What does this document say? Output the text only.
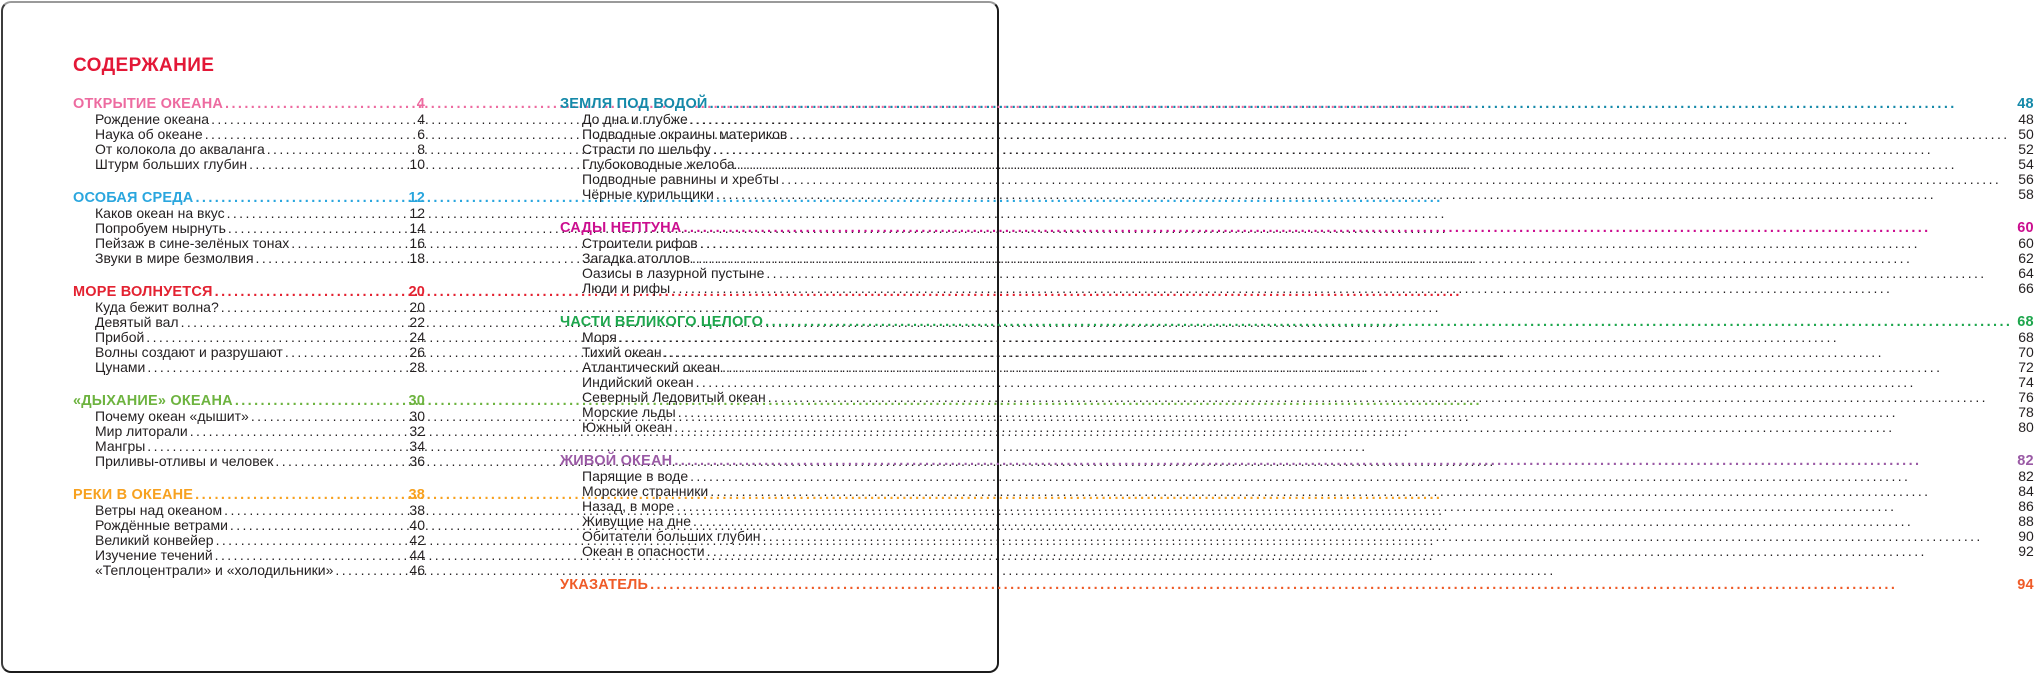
СОДЕРЖАНИЕ
ОТКРЫТИЕ ОКЕАНА .....	4
Рождение океана .....	4
Наука об океане .....	6
От колокола до акваланга .....	8
Штурм больших глубин .....	10
ОСОБАЯ СРЕДА .....	12
Каков океан на вкус .....	12
Попробуем нырнуть .....	14
Пейзаж в сине-зелёных тонах .....	16
Звуки в мире безмолвия .....	18
МОРЕ ВОЛНУЕТСЯ .....	20
Куда бежит волна? .....	20
Девятый вал .....	22
Прибой .....	24
Волны создают и разрушают .....	26
Цунами .....	28
«ДЫХАНИЕ» ОКЕАНА .....	30
Почему океан «дышит» .....	30
Мир литорали .....	32
Мангры .....	34
Приливы-отливы и человек .....	36
РЕКИ В ОКЕАНЕ .....	38
Ветры над океаном .....	38
Рождённые ветрами .....	40
Великий конвейер .....	42
Изучение течений .....	44
«Теплоцентрали» и «холодильники» .....	46
ЗЕМЛЯ ПОД ВОДОЙ .....	48
До дна и глубже .....	48
Подводные окраины материков .....	50
Страсти по шельфу .....	52
Глубоководные желоба .....	54
Подводные равнины и хребты .....	56
Чёрные курильщики .....	58
САДЫ НЕПТУНА .....	60
Строители рифов .....	60
Загадка атоллов .....	62
Оазисы в лазурной пустыне .....	64
Люди и рифы .....	66
ЧАСТИ ВЕЛИКОГО ЦЕЛОГО .....	68
Моря .....	68
Тихий океан .....	70
Атлантический океан .....	72
Индийский океан .....	74
Северный Ледовитый океан .....	76
Морские льды .....	78
Южный океан .....	80
ЖИВОЙ ОКЕАН .....	82
Парящие в воде .....	82
Морские странники .....	84
Назад, в море .....	86
Живущие на дне .....	88
Обитатели больших глубин .....	90
Океан в опасности .....	92
УКАЗАТЕЛЬ .....	94
